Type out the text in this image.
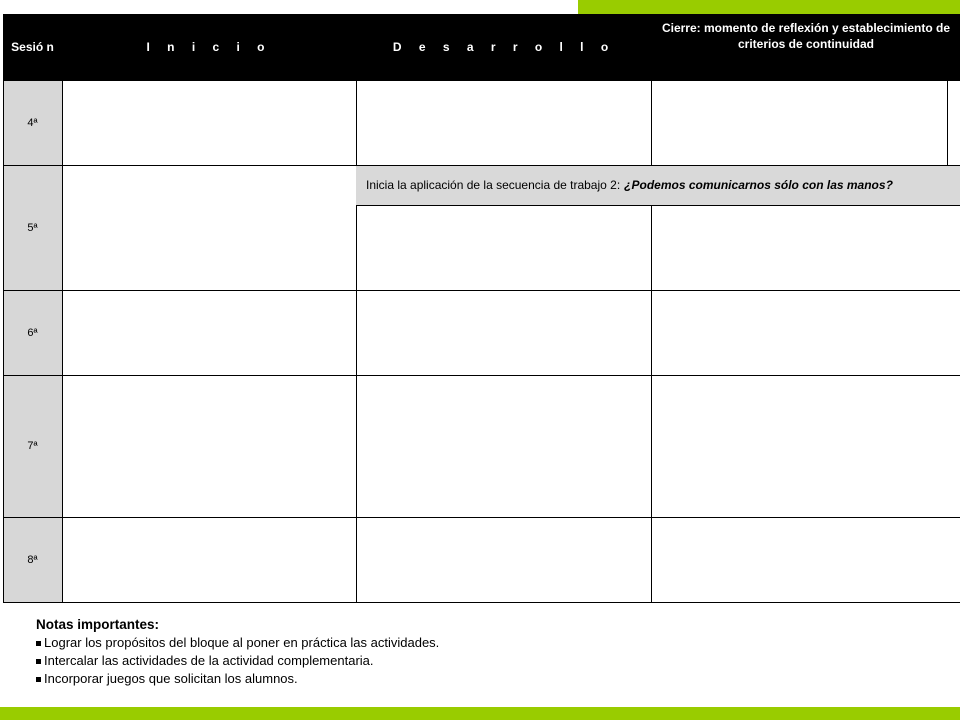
Sesió n	I n i c i o	D e s a r r o l l o
Cierre: momento de reflexión y establecimiento de criterios de continuidad
4ª
5ª
6ª
7ª
8ª
Inicia la aplicación de la secuencia de trabajo 2: ¿Podemos comunicarnos sólo con las manos?
Notas importantes:
Lograr los propósitos del bloque al poner en práctica las actividades.
Intercalar las actividades de la actividad complementaria.
Incorporar juegos que solicitan los alumnos.
